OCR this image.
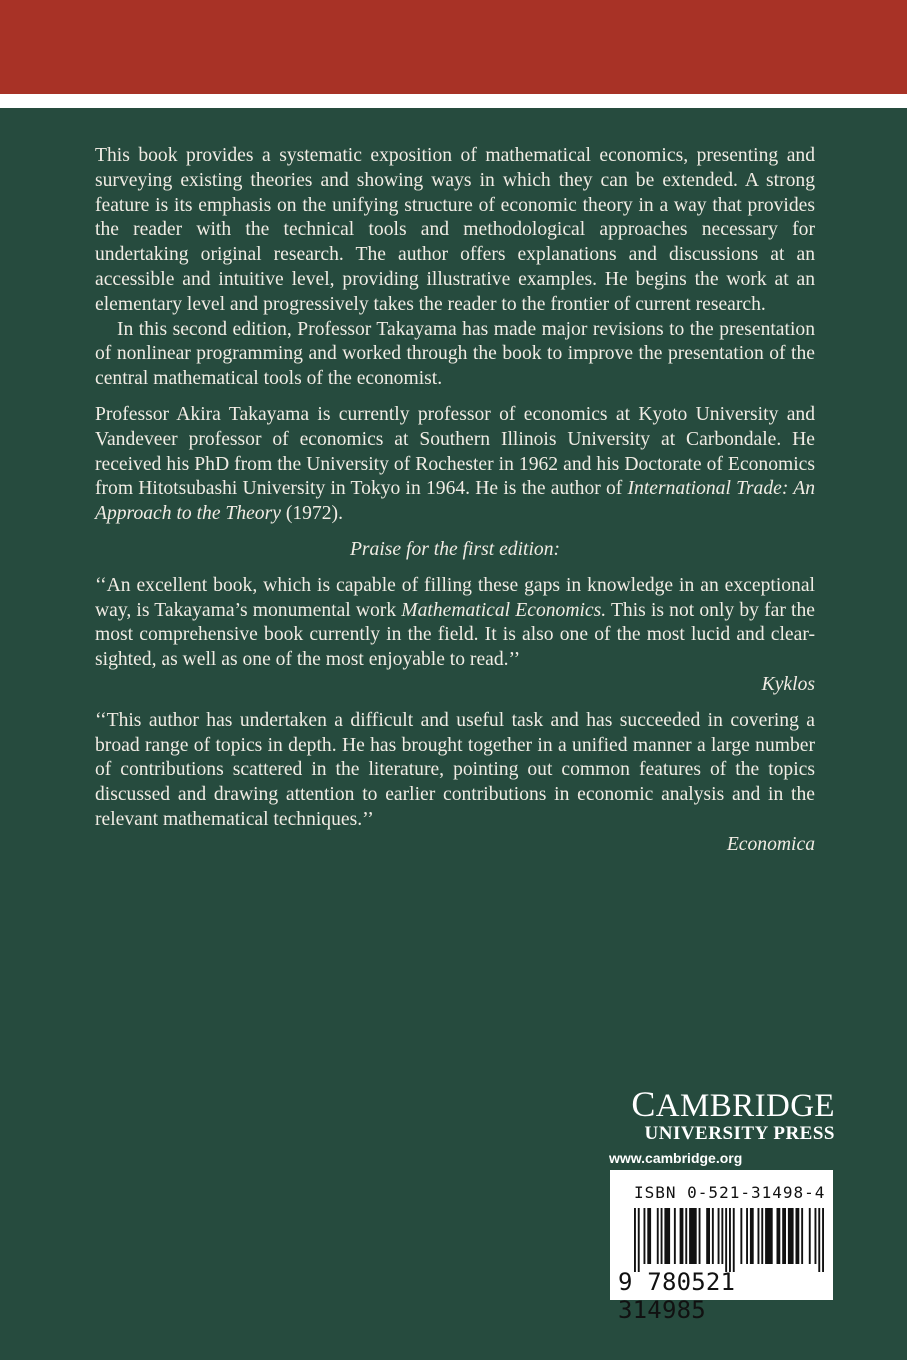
This book provides a systematic exposition of mathematical economics, presenting and surveying existing theories and showing ways in which they can be extended. A strong feature is its emphasis on the unifying structure of economic theory in a way that provides the reader with the technical tools and methodological approaches necessary for undertaking original research. The author offers explanations and discussions at an accessible and intuitive level, providing illustrative examples. He begins the work at an elementary level and progressively takes the reader to the frontier of current research.

In this second edition, Professor Takayama has made major revisions to the presentation of nonlinear programming and worked through the book to improve the presentation of the central mathematical tools of the economist.

Professor Akira Takayama is currently professor of economics at Kyoto University and Vandeveer professor of economics at Southern Illinois University at Carbondale. He received his PhD from the University of Rochester in 1962 and his Doctorate of Economics from Hitotsubashi University in Tokyo in 1964. He is the author of International Trade: An Approach to the Theory (1972).

Praise for the first edition:

‘‘An excellent book, which is capable of filling these gaps in knowledge in an exceptional way, is Takayama’s monumental work Mathematical Economics. This is not only by far the most comprehensive book currently in the field. It is also one of the most lucid and clear-sighted, as well as one of the most enjoyable to read.’’

Kyklos

‘‘This author has undertaken a difficult and useful task and has succeeded in covering a broad range of topics in depth. He has brought together in a unified manner a large number of contributions scattered in the literature, pointing out common features of the topics discussed and drawing attention to earlier contributions in economic analysis and in the relevant mathematical techniques.’’

Economica

CAMBRIDGE
UNIVERSITY PRESS
www.cambridge.org
ISBN 0-521-31498-4
9 780521 314985
